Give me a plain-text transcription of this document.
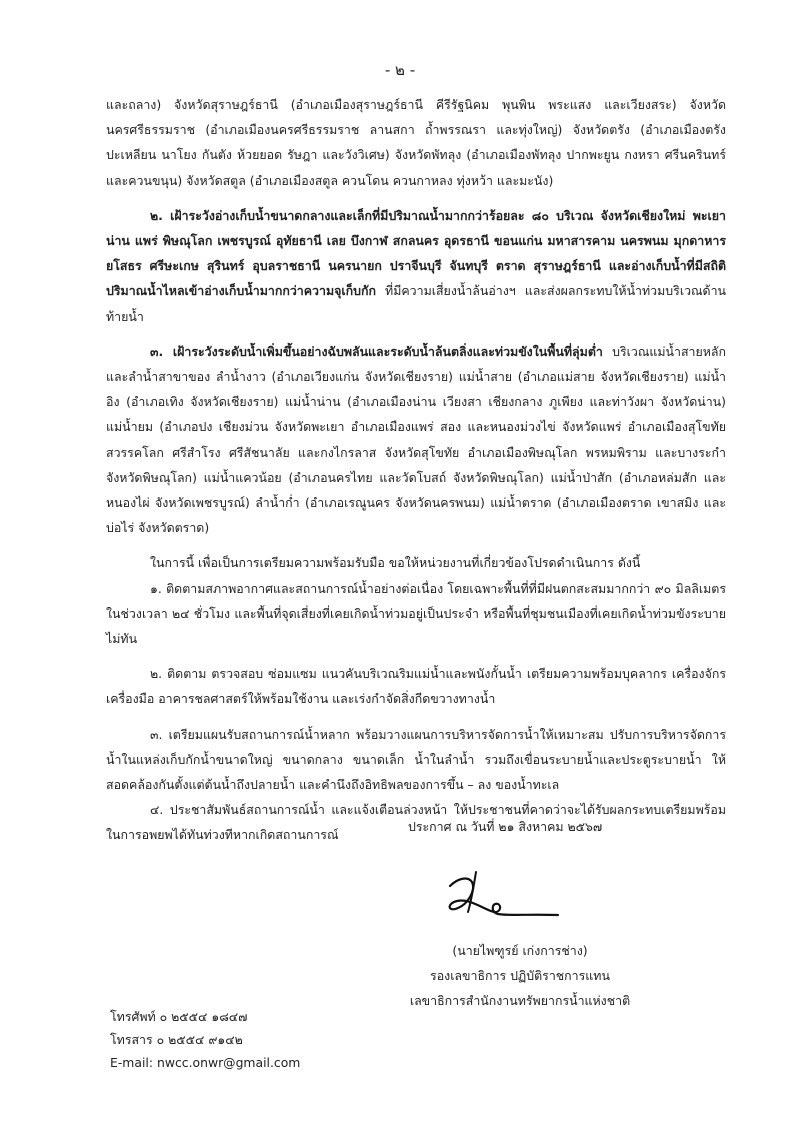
- ๒ -

และถลาง) จังหวัดสุราษฎร์ธานี (อำเภอเมืองสุราษฎร์ธานี คีรีรัฐนิคม พุนพิน พระแสง และเวียงสระ) จังหวัดนครศรีธรรมราช (อำเภอเมืองนครศรีธรรมราช ลานสกา ถ้ำพรรณรา และทุ่งใหญ่) จังหวัดตรัง (อำเภอเมืองตรัง ปะเหลียน นาโยง กันตัง ห้วยยอด รัษฎา และวังวิเศษ) จังหวัดพัทลุง (อำเภอเมืองพัทลุง ปากพะยูน กงหรา ศรีนครินทร์ และควนขนุน) จังหวัดสตูล (อำเภอเมืองสตูล ควนโดน ควนกาหลง ทุ่งหว้า และมะนัง)

๒. เฝ้าระวังอ่างเก็บน้ำขนาดกลางและเล็กที่มีปริมาณน้ำมากกว่าร้อยละ ๘๐ บริเวณ จังหวัดเชียงใหม่ พะเยา น่าน แพร่ พิษณุโลก เพชรบูรณ์ อุทัยธานี เลย บึงกาฬ สกลนคร อุดรธานี ขอนแก่น มหาสารคาม นครพนม มุกดาหาร ยโสธร ศรีษะเกษ สุรินทร์ อุบลราชธานี นครนายก ปราจีนบุรี จันทบุรี ตราด สุราษฎร์ธานี และอ่างเก็บน้ำที่มีสถิติปริมาณน้ำไหลเข้าอ่างเก็บน้ำมากกว่าความจุเก็บกัก ที่มีความเสี่ยงน้ำล้นอ่างฯ และส่งผลกระทบให้น้ำท่วมบริเวณด้านท้ายน้ำ

๓. เฝ้าระวังระดับน้ำเพิ่มขึ้นอย่างฉับพลันและระดับน้ำล้นตลิ่งและท่วมขังในพื้นที่ลุ่มต่ำ บริเวณแม่น้ำสายหลักและลำน้ำสาขาของ ลำน้ำงาว (อำเภอเวียงแก่น จังหวัดเชียงราย) แม่น้ำสาย (อำเภอแม่สาย จังหวัดเชียงราย) แม่น้ำอิง (อำเภอเทิง จังหวัดเชียงราย) แม่น้ำน่าน (อำเภอเมืองน่าน เวียงสา เชียงกลาง ภูเพียง และท่าวังผา จังหวัดน่าน) แม่น้ำยม (อำเภอปง เชียงม่วน จังหวัดพะเยา อำเภอเมืองแพร่ สอง และหนองม่วงไข่ จังหวัดแพร่ อำเภอเมืองสุโขทัย สวรรคโลก ศรีสำโรง ศรีสัชนาลัย และกงไกรลาส จังหวัดสุโขทัย อำเภอเมืองพิษณุโลก พรหมพิราม และบางระกำ จังหวัดพิษณุโลก) แม่น้ำแควน้อย (อำเภอนครไทย และวัดโบสถ์ จังหวัดพิษณุโลก) แม่น้ำป่าสัก (อำเภอหล่มสัก และหนองไผ่ จังหวัดเพชรบูรณ์) ลำน้ำก่ำ (อำเภอเรณูนคร จังหวัดนครพนม) แม่น้ำตราด (อำเภอเมืองตราด เขาสมิง และบ่อไร่ จังหวัดตราด)

ในการนี้ เพื่อเป็นการเตรียมความพร้อมรับมือ ขอให้หน่วยงานที่เกี่ยวข้องโปรดดำเนินการ ดังนี้

๑. ติดตามสภาพอากาศและสถานการณ์น้ำอย่างต่อเนื่อง โดยเฉพาะพื้นที่ที่มีฝนตกสะสมมากกว่า ๙๐ มิลลิเมตร ในช่วงเวลา ๒๔ ชั่วโมง และพื้นที่จุดเสี่ยงที่เคยเกิดน้ำท่วมอยู่เป็นประจำ หรือพื้นที่ชุมชนเมืองที่เคยเกิดน้ำท่วมขังระบายไม่ทัน

๒. ติดตาม ตรวจสอบ ซ่อมแซม แนวคันบริเวณริมแม่น้ำและพนังกั้นน้ำ เตรียมความพร้อมบุคลากร เครื่องจักรเครื่องมือ อาคารชลศาสตร์ให้พร้อมใช้งาน และเร่งกำจัดสิ่งกีดขวางทางน้ำ

๓. เตรียมแผนรับสถานการณ์น้ำหลาก พร้อมวางแผนการบริหารจัดการน้ำให้เหมาะสม ปรับการบริหารจัดการน้ำในแหล่งเก็บกักน้ำขนาดใหญ่ ขนาดกลาง ขนาดเล็ก น้ำในลำน้ำ รวมถึงเขื่อนระบายน้ำและประตูระบายน้ำ ให้สอดคล้องกันตั้งแต่ต้นน้ำถึงปลายน้ำ และคำนึงถึงอิทธิพลของการขึ้น – ลง ของน้ำทะเล

๔. ประชาสัมพันธ์สถานการณ์น้ำ และแจ้งเตือนล่วงหน้า ให้ประชาชนที่คาดว่าจะได้รับผลกระทบเตรียมพร้อมในการอพยพได้ทันท่วงทีหากเกิดสถานการณ์

ประกาศ ณ วันที่ ๒๑ สิงหาคม ๒๕๖๗
(นายไพฑูรย์ เก่งการช่าง)
รองเลขาธิการ ปฏิบัติราชการแทน
เลขาธิการสำนักงานทรัพยากรน้ำแห่งชาติ
โทรศัพท์ ๐ ๒๕๕๔ ๑๘๔๗
โทรสาร ๐ ๒๕๕๔ ๙๑๔๒
E-mail: nwcc.onwr@gmail.com
